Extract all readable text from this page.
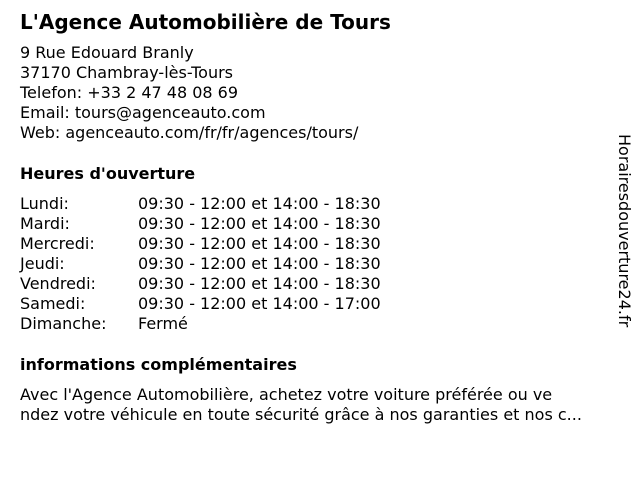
L'Agence Automobilière de Tours
9 Rue Edouard Branly
37170 Chambray-lès-Tours
Telefon: +33 2 47 48 08 69
Email: tours@agenceauto.com
Web: agenceauto.com/fr/fr/agences/tours/
Heures d'ouverture
Lundi:	09:30 - 12:00 et 14:00 - 18:30
Mardi:	09:30 - 12:00 et 14:00 - 18:30
Mercredi:	09:30 - 12:00 et 14:00 - 18:30
Jeudi:	09:30 - 12:00 et 14:00 - 18:30
Vendredi:	09:30 - 12:00 et 14:00 - 18:30
Samedi:	09:30 - 12:00 et 14:00 - 17:00
Dimanche:	Fermé
informations complémentaires
Avec l'Agence Automobilière, achetez votre voiture préférée ou ve
ndez votre véhicule en toute sécurité grâce à nos garanties et nos c...
Horairesdouverture24.fr
